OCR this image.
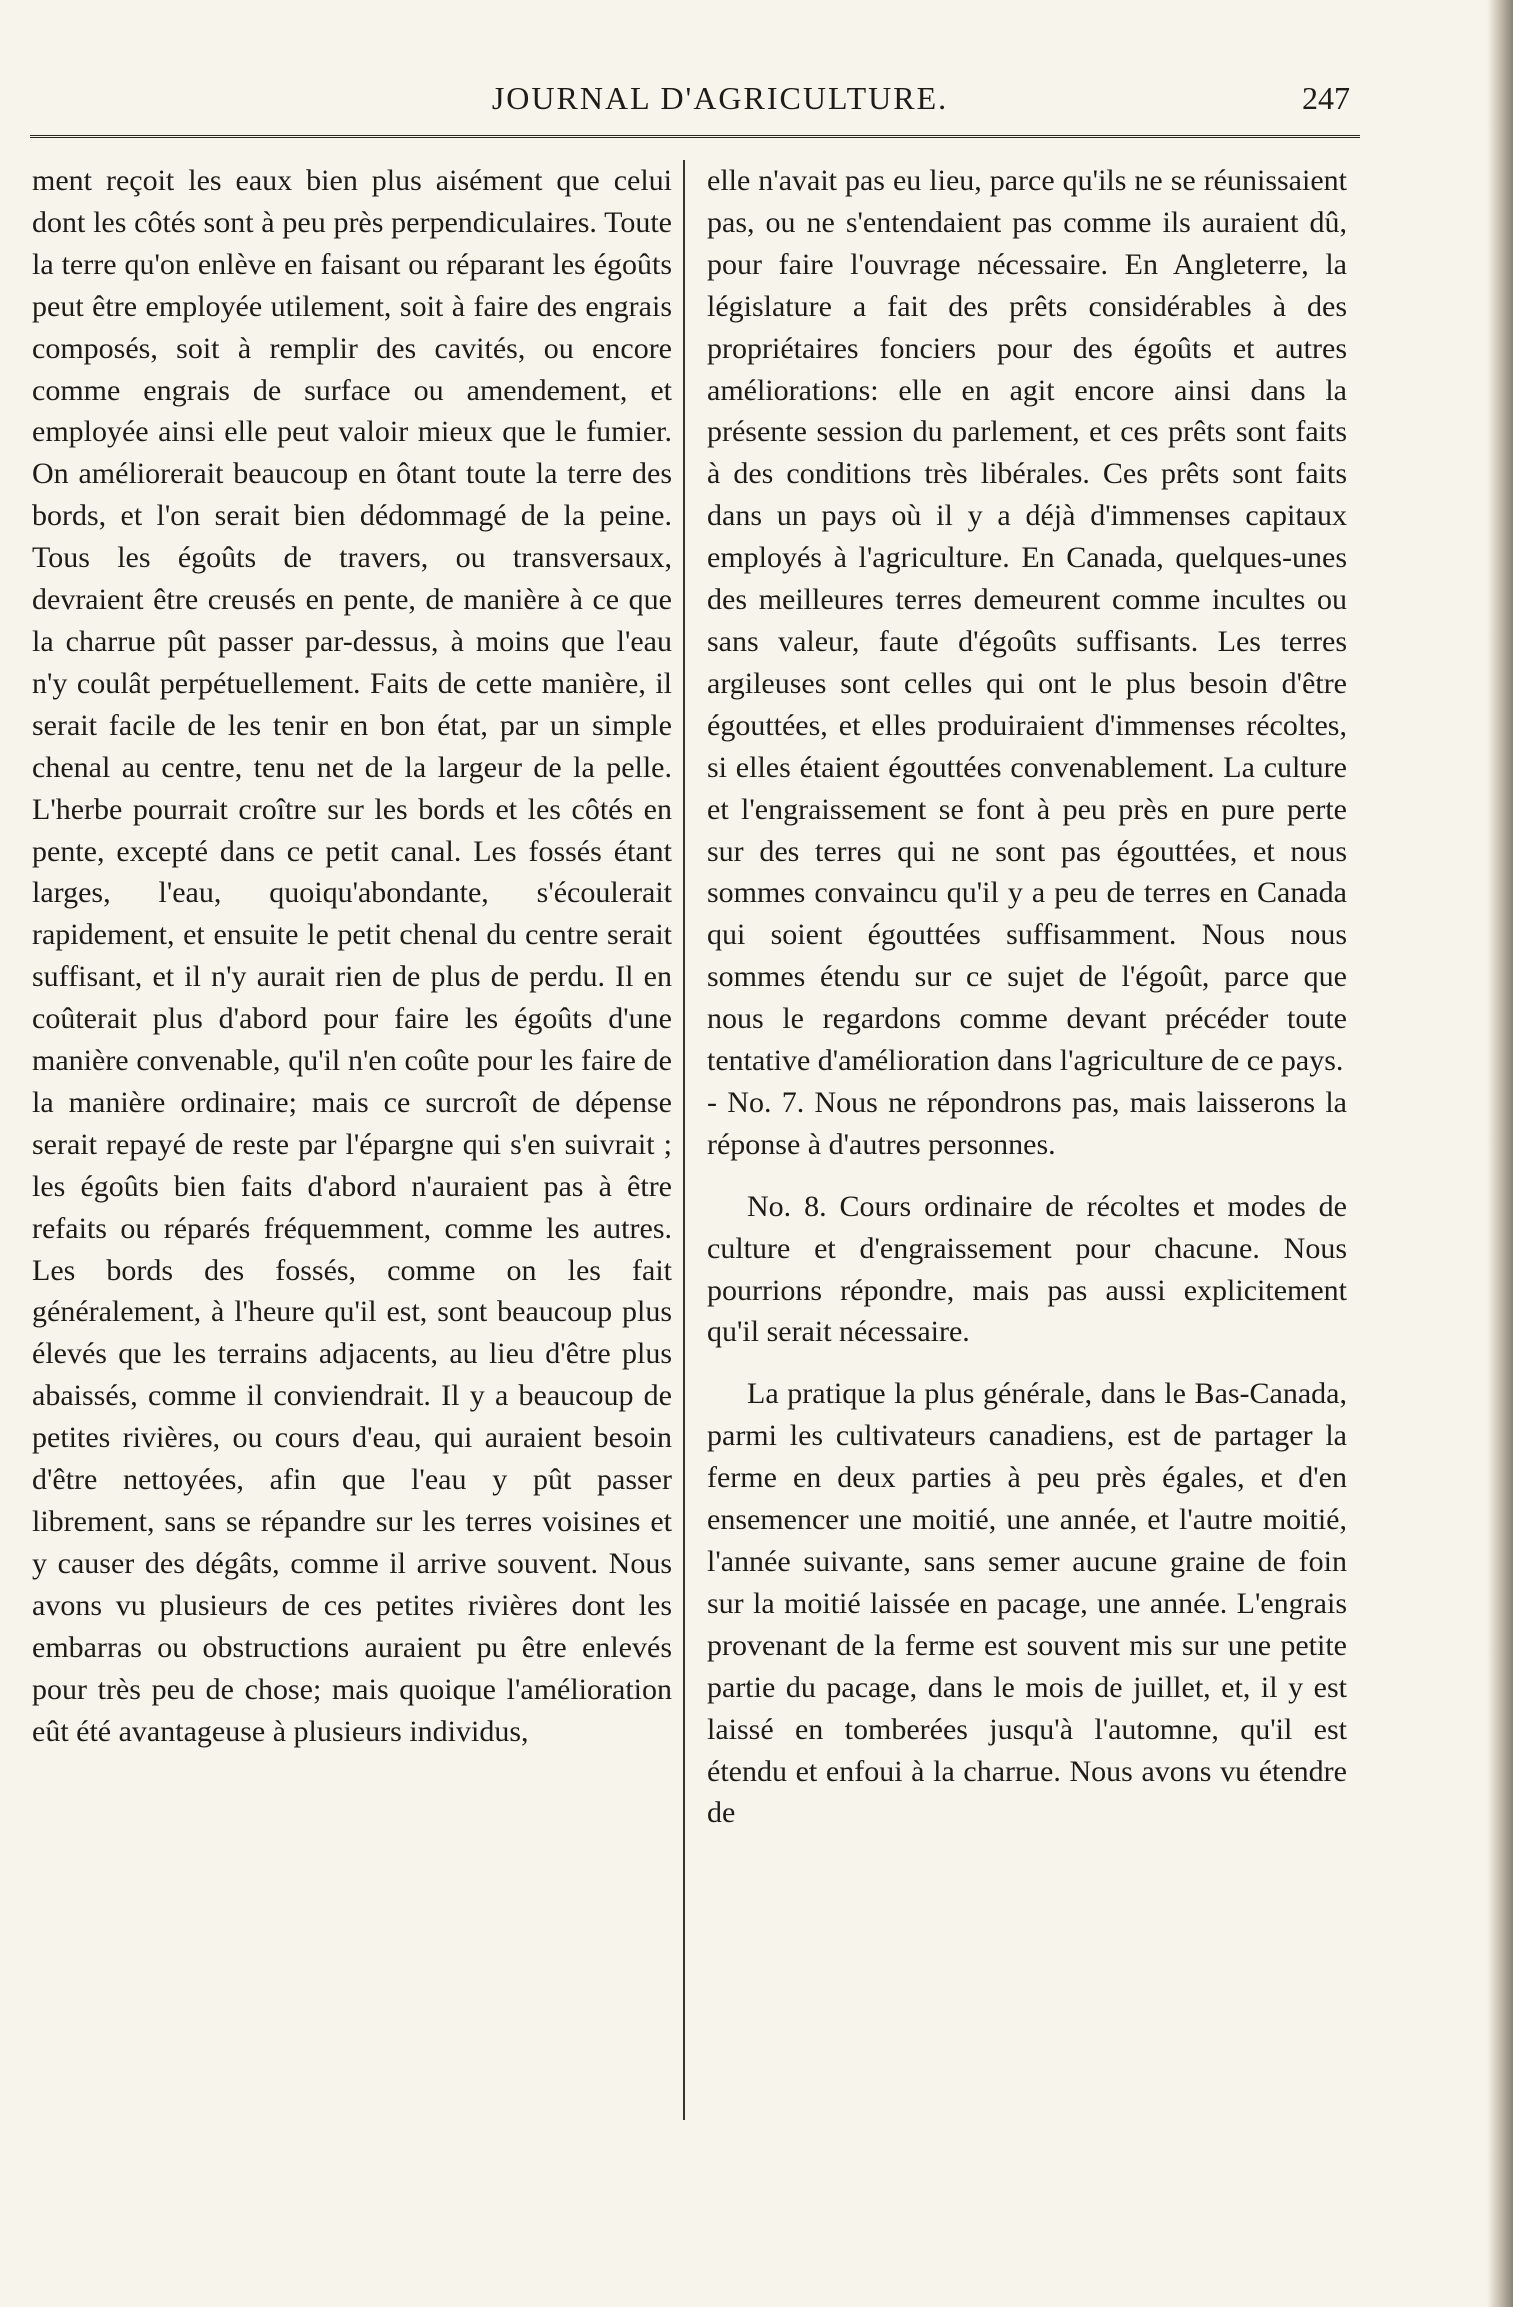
JOURNAL D'AGRICULTURE.	247

ment reçoit les eaux bien plus aisément que celui dont les côtés sont à peu près perpendiculaires. Toute la terre qu'on enlève en faisant ou réparant les égoûts peut être employée utilement, soit à faire des engrais composés, soit à remplir des cavités, ou encore comme engrais de surface ou amendement, et employée ainsi elle peut valoir mieux que le fumier. On améliorerait beaucoup en ôtant toute la terre des bords, et l'on serait bien dédommagé de la peine. Tous les égoûts de travers, ou transversaux, devraient être creusés en pente, de manière à ce que la charrue pût passer par-dessus, à moins que l'eau n'y coulât perpétuellement. Faits de cette manière, il serait facile de les tenir en bon état, par un simple chenal au centre, tenu net de la largeur de la pelle. L'herbe pourrait croître sur les bords et les côtés en pente, excepté dans ce petit canal. Les fossés étant larges, l'eau, quoiqu'abondante, s'écoulerait rapidement, et ensuite le petit chenal du centre serait suffisant, et il n'y aurait rien de plus de perdu. Il en coûterait plus d'abord pour faire les égoûts d'une manière convenable, qu'il n'en coûte pour les faire de la manière ordinaire; mais ce surcroît de dépense serait repayé de reste par l'épargne qui s'en suivrait ; les égoûts bien faits d'abord n'auraient pas à être refaits ou réparés fréquemment, comme les autres. Les bords des fossés, comme on les fait généralement, à l'heure qu'il est, sont beaucoup plus élevés que les terrains adjacents, au lieu d'être plus abaissés, comme il conviendrait. Il y a beaucoup de petites rivières, ou cours d'eau, qui auraient besoin d'être nettoyées, afin que l'eau y pût passer librement, sans se répandre sur les terres voisines et y causer des dégâts, comme il arrive souvent. Nous avons vu plusieurs de ces petites rivières dont les embarras ou obstructions auraient pu être enlevés pour très peu de chose; mais quoique l'amélioration eût été avantageuse à plusieurs individus,

elle n'avait pas eu lieu, parce qu'ils ne se réunissaient pas, ou ne s'entendaient pas comme ils auraient dû, pour faire l'ouvrage nécessaire. En Angleterre, la législature a fait des prêts considérables à des propriétaires fonciers pour des égoûts et autres améliorations: elle en agit encore ainsi dans la présente session du parlement, et ces prêts sont faits à des conditions très libérales. Ces prêts sont faits dans un pays où il y a déjà d'immenses capitaux employés à l'agriculture. En Canada, quelques-unes des meilleures terres demeurent comme incultes ou sans valeur, faute d'égoûts suffisants. Les terres argileuses sont celles qui ont le plus besoin d'être égouttées, et elles produiraient d'immenses récoltes, si elles étaient égouttées convenablement. La culture et l'engraissement se font à peu près en pure perte sur des terres qui ne sont pas égouttées, et nous sommes convaincu qu'il y a peu de terres en Canada qui soient égouttées suffisamment. Nous nous sommes étendu sur ce sujet de l'égoût, parce que nous le regardons comme devant précéder toute tentative d'amélioration dans l'agriculture de ce pays.

- No. 7. Nous ne répondrons pas, mais laisserons la réponse à d'autres personnes.

No. 8. Cours ordinaire de récoltes et modes de culture et d'engraissement pour chacune. Nous pourrions répondre, mais pas aussi explicitement qu'il serait nécessaire.

La pratique la plus générale, dans le Bas-Canada, parmi les cultivateurs canadiens, est de partager la ferme en deux parties à peu près égales, et d'en ensemencer une moitié, une année, et l'autre moitié, l'année suivante, sans semer aucune graine de foin sur la moitié laissée en pacage, une année. L'engrais provenant de la ferme est souvent mis sur une petite partie du pacage, dans le mois de juillet, et, il y est laissé en tomberées jusqu'à l'automne, qu'il est étendu et enfoui à la charrue. Nous avons vu étendre de
